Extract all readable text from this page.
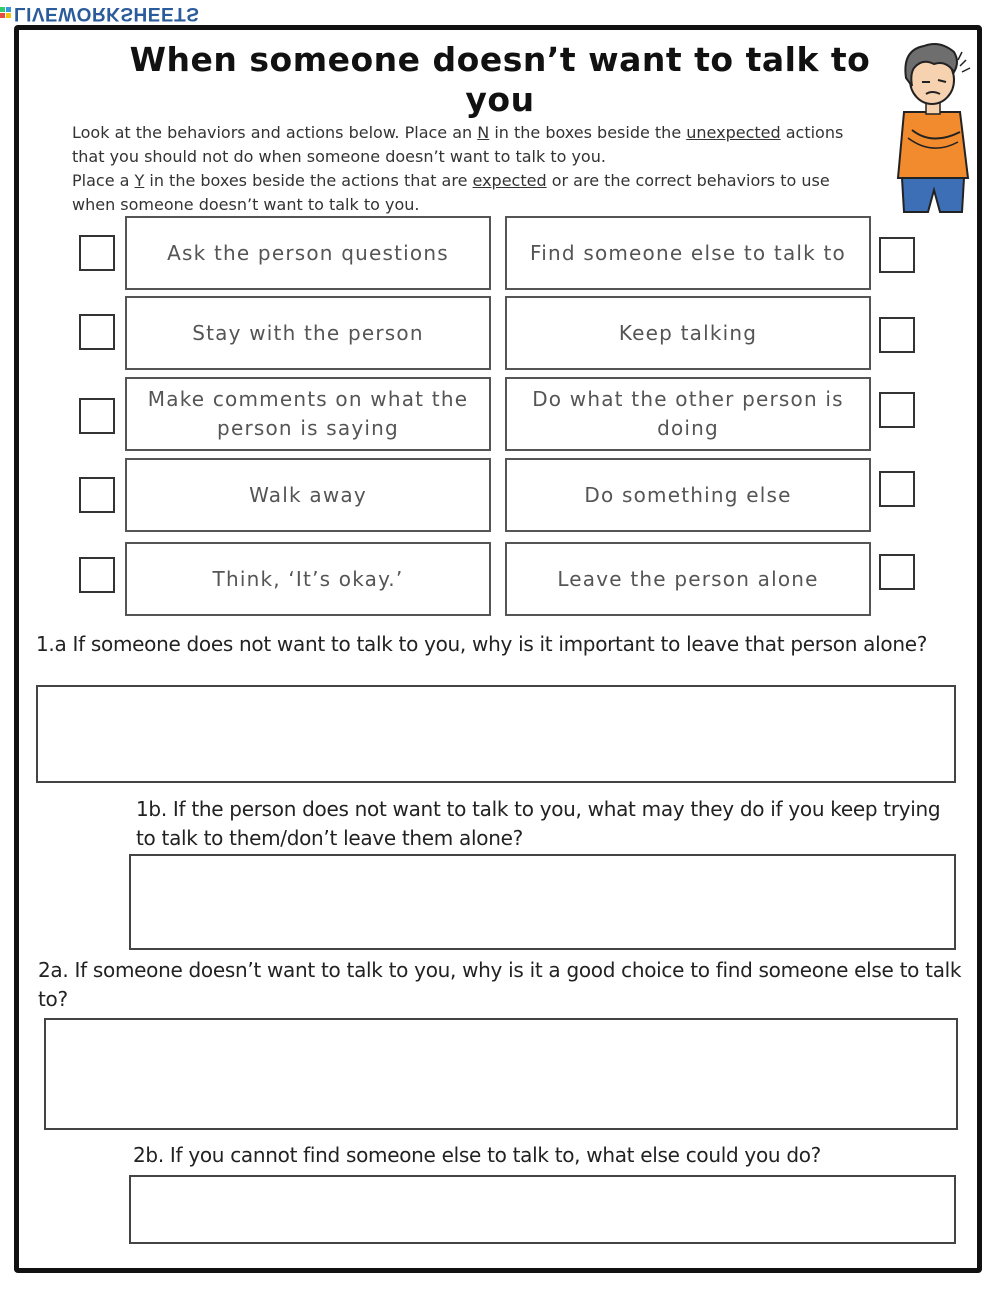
LIVEWORKSHEETS
When someone doesn’t want to talk to you

Look at the behaviors and actions below. Place an N in the boxes beside the unexpected actions that you should not do when someone doesn’t want to talk to you.

Place a Y in the boxes beside the actions that are expected or are the correct behaviors to use when someone doesn’t want to talk to you.

Ask the person questions	Find someone else to talk to
Stay with the person	Keep talking
Make comments on what the person is saying
Do what the other person is doing
Walk away	Do something else
Think, ‘It’s okay.’	Leave the person alone

1.a If someone does not want to talk to you, why is it important to leave that person alone?

1b. If the person does not want to talk to you, what may they do if you keep trying to talk to them/don’t leave them alone?

2a. If someone doesn’t want to talk to you, why is it a good choice to find someone else to talk to?

2b. If you cannot find someone else to talk to, what else could you do?
